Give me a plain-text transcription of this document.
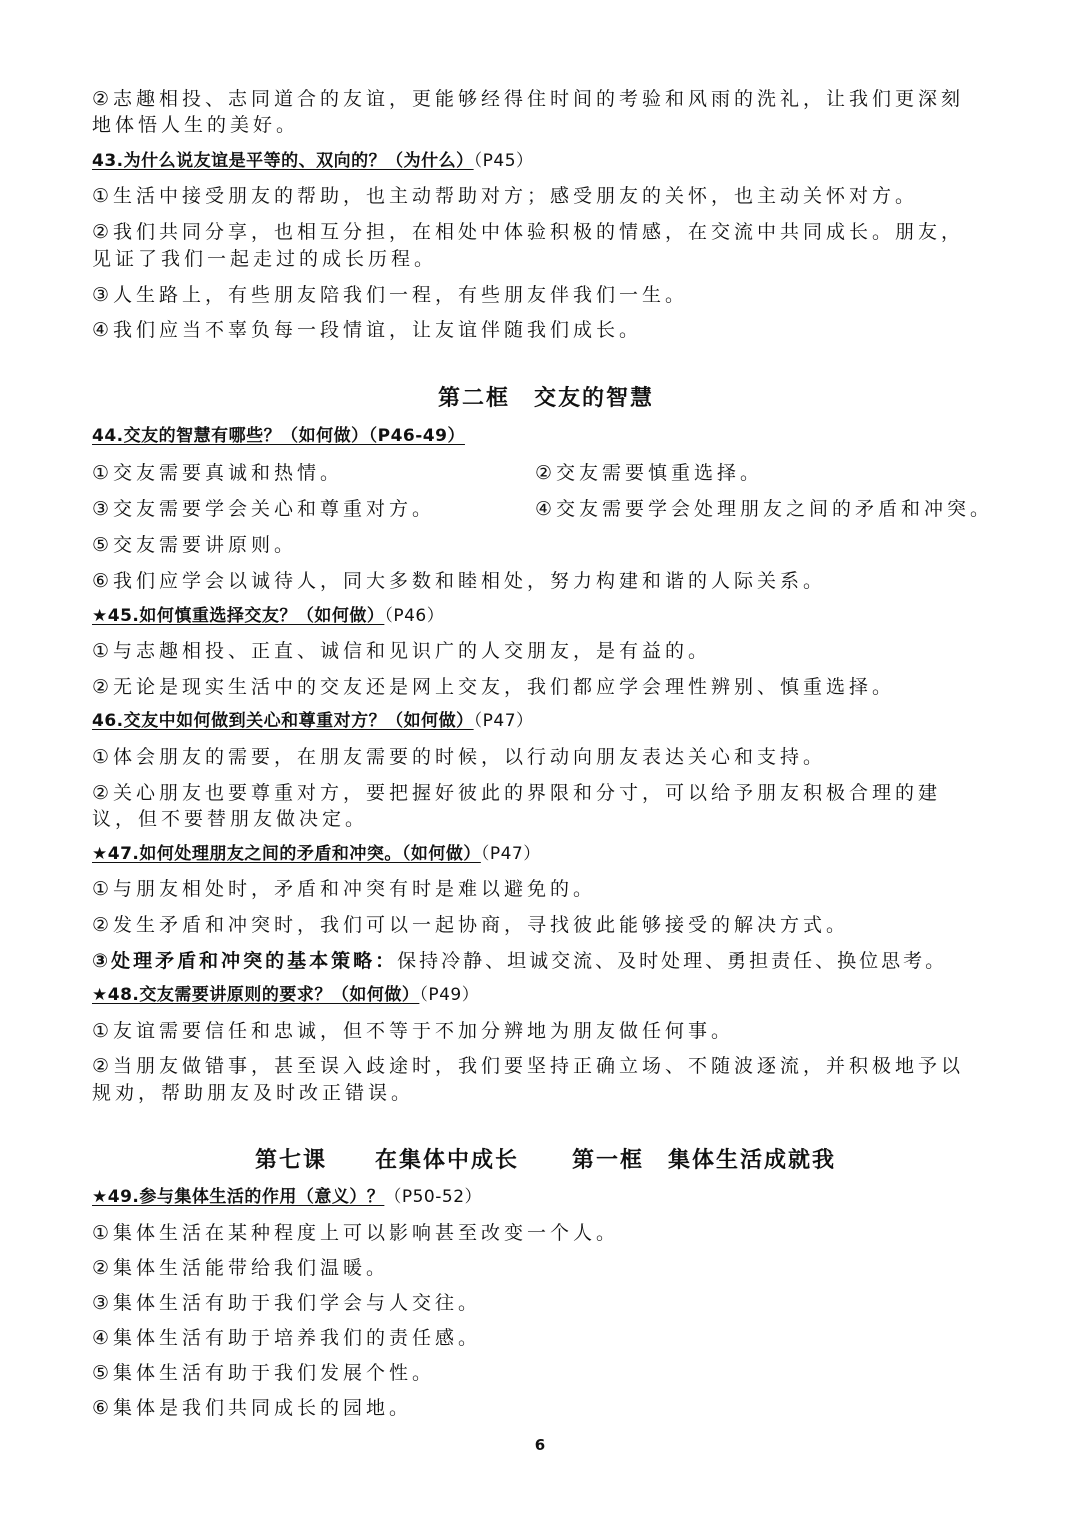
②志趣相投、志同道合的友谊，更能够经得住时间的考验和风雨的洗礼，让我们更深刻
地体悟人生的美好。
43.为什么说友谊是平等的、双向的？（为什么）（P45）
①生活中接受朋友的帮助，也主动帮助对方；感受朋友的关怀，也主动关怀对方。
②我们共同分享，也相互分担，在相处中体验积极的情感，在交流中共同成长。朋友，
见证了我们一起走过的成长历程。
③人生路上，有些朋友陪我们一程，有些朋友伴我们一生。
④我们应当不辜负每一段情谊，让友谊伴随我们成长。
第二框　交友的智慧
44.交友的智慧有哪些？（如何做）（P46-49）
①交友需要真诚和热情。	②交友需要慎重选择。
③交友需要学会关心和尊重对方。	④交友需要学会处理朋友之间的矛盾和冲突。
⑤交友需要讲原则。
⑥我们应学会以诚待人，同大多数和睦相处，努力构建和谐的人际关系。
★45.如何慎重选择交友？（如何做）（P46）
①与志趣相投、正直、诚信和见识广的人交朋友，是有益的。
②无论是现实生活中的交友还是网上交友，我们都应学会理性辨别、慎重选择。
46.交友中如何做到关心和尊重对方？（如何做）（P47）
①体会朋友的需要，在朋友需要的时候，以行动向朋友表达关心和支持。
②关心朋友也要尊重对方，要把握好彼此的界限和分寸，可以给予朋友积极合理的建
议，但不要替朋友做决定。
★47.如何处理朋友之间的矛盾和冲突。（如何做）（P47）
①与朋友相处时，矛盾和冲突有时是难以避免的。
②发生矛盾和冲突时，我们可以一起协商，寻找彼此能够接受的解决方式。
③处理矛盾和冲突的基本策略：保持冷静、坦诚交流、及时处理、勇担责任、换位思考。
★48.交友需要讲原则的要求？（如何做）（P49）
①友谊需要信任和忠诚，但不等于不加分辨地为朋友做任何事。
②当朋友做错事，甚至误入歧途时，我们要坚持正确立场、不随波逐流，并积极地予以
规劝，帮助朋友及时改正错误。
第七课　　在集体中成长 第一框　集体生活成就我
★49.参与集体生活的作用（意义）？（P50-52）
①集体生活在某种程度上可以影响甚至改变一个人。
②集体生活能带给我们温暖。
③集体生活有助于我们学会与人交往。
④集体生活有助于培养我们的责任感。
⑤集体生活有助于我们发展个性。
⑥集体是我们共同成长的园地。
6
